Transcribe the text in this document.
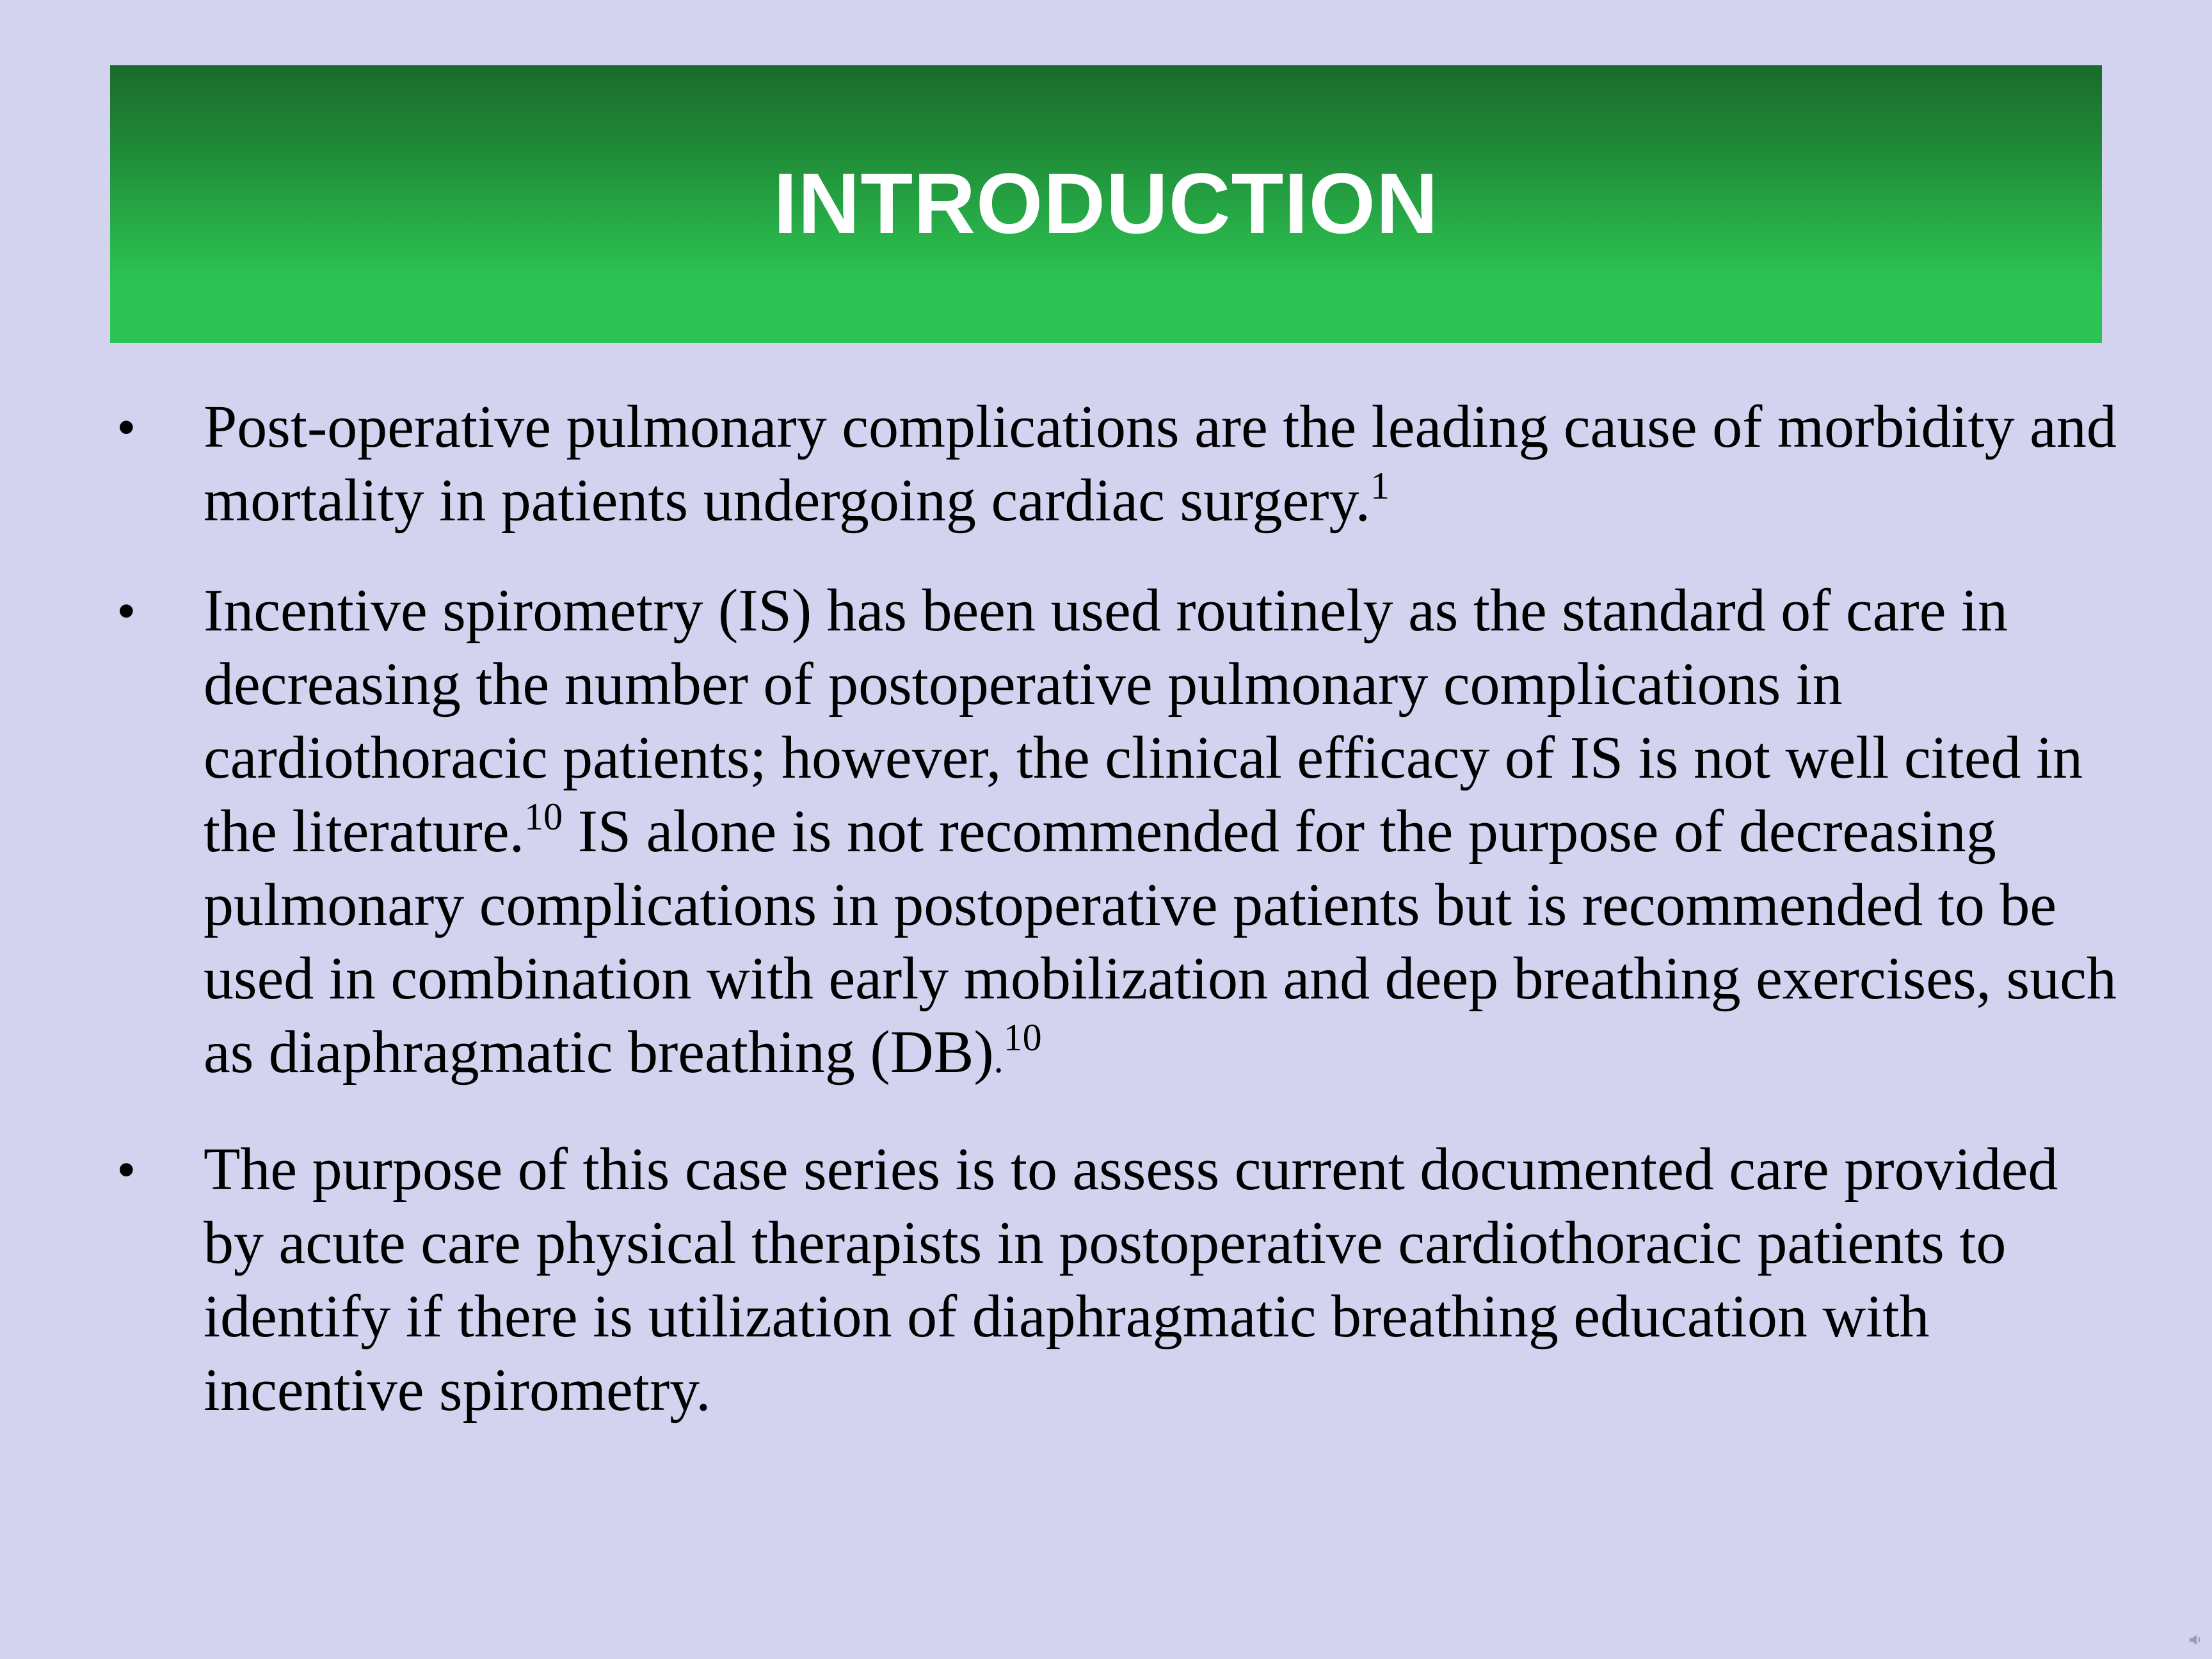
INTRODUCTION
• Post-operative pulmonary complications are the leading cause of morbidity and mortality in patients undergoing cardiac surgery.$^1$
• Incentive spirometry (IS) has been used routinely as the standard of care in decreasing the number of postoperative pulmonary complications in cardiothoracic patients; however, the clinical efficacy of IS is not well cited in the literature.$^{10}$ IS alone is not recommended for the purpose of decreasing pulmonary complications in postoperative patients but is recommended to be used in combination with early mobilization and deep breathing exercises, such as diaphragmatic breathing (DB).$^{10}$
• The purpose of this case series is to assess current documented care provided by acute care physical therapists in postoperative cardiothoracic patients to identify if there is utilization of diaphragmatic breathing education with incentive spirometry.
